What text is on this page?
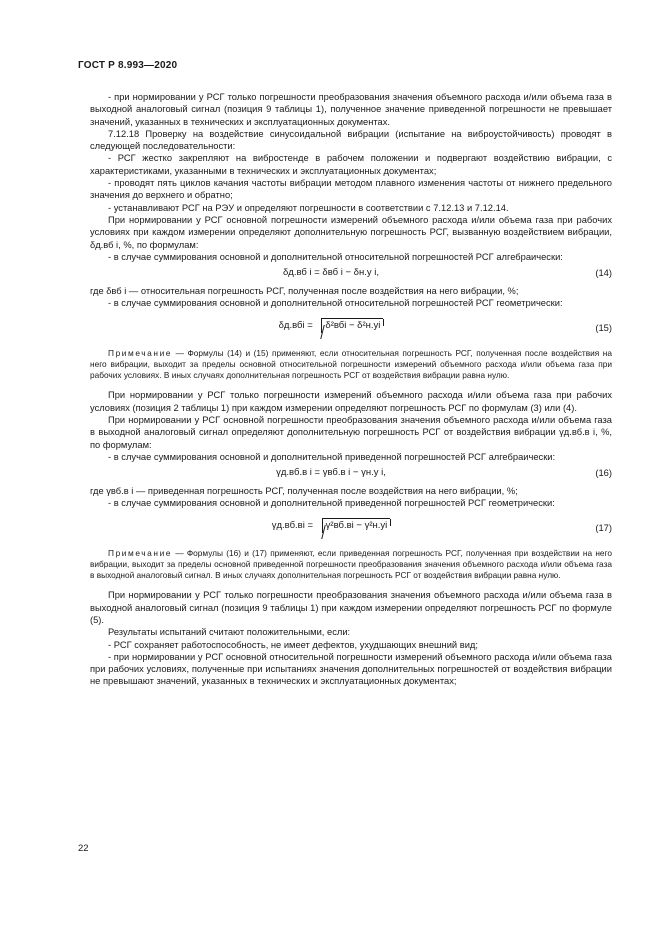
ГОСТ Р 8.993—2020

- при нормировании у РСГ только погрешности преобразования значения объемного расхода и/или объема газа в выходной аналоговый сигнал (позиция 9 таблицы 1), полученное значение приведенной погрешности не превышает значений, указанных в технических и эксплуатационных документах.

7.12.18 Проверку на воздействие синусоидальной вибрации (испытание на виброустойчивость) проводят в следующей последовательности:

- РСГ жестко закрепляют на вибростенде в рабочем положении и подвергают воздействию вибрации, с характеристиками, указанными в технических и эксплуатационных документах;

- проводят пять циклов качания частоты вибрации методом плавного изменения частоты от нижнего предельного значения до верхнего и обратно;

- устанавливают РСГ на РЭУ и определяют погрешности в соответствии с 7.12.13 и 7.12.14.

При нормировании у РСГ основной погрешности измерений объемного расхода и/или объема газа при рабочих условиях при каждом измерении определяют дополнительную погрешность РСГ, вызванную воздействием вибрации, δд.вб i, %, по формулам:

- в случае суммирования основной и дополнительной относительной погрешностей РСГ алгебраически:

δд.вб i = δвб i − δн.у i,	(14)

где δвб i — относительная погрешность РСГ, полученная после воздействия на него вибрации, %;

- в случае суммирования основной и дополнительной относительной погрешностей РСГ геометрически:

δд.вбi = δ²вбi − δ²н.уi	(15)

Примечание — Формулы (14) и (15) применяют, если относительная погрешность РСГ, полученная после воздействия на него вибрации, выходит за пределы основной относительной погрешности измерений объемного расхода и/или объема газа при рабочих условиях. В иных случаях дополнительная погрешность РСГ от воздействия вибрации равна нулю.

При нормировании у РСГ только погрешности измерений объемного расхода и/или объема газа при рабочих условиях (позиция 2 таблицы 1) при каждом измерении определяют погрешность РСГ по формулам (3) или (4).

При нормировании у РСГ основной погрешности преобразования значения объемного расхода и/или объема газа в выходной аналоговый сигнал определяют дополнительную погрешность РСГ от воздействия вибрации γд.вб.в i, %, по формулам:

- в случае суммирования основной и дополнительной приведенной погрешностей РСГ алгебраически:

γд.вб.в i = γвб.в i − γн.у i,	(16)

где γвб.в i — приведенная погрешность РСГ, полученная после воздействия на него вибрации, %;

- в случае суммирования основной и дополнительной приведенной погрешностей РСГ геометрически:

γд.вб.вi = γ²вб.вi − γ²н.уi	(17)

Примечание — Формулы (16) и (17) применяют, если приведенная погрешность РСГ, полученная при воздействии на него вибрации, выходит за пределы основной приведенной погрешности преобразования значения объемного расхода и/или объема газа в выходной аналоговый сигнал. В иных случаях дополнительная погрешность РСГ от воздействия вибрации равна нулю.

При нормировании у РСГ только погрешности преобразования значения объемного расхода и/или объема газа в выходной аналоговый сигнал (позиция 9 таблицы 1) при каждом измерении определяют погрешность РСГ по формуле (5).

Результаты испытаний считают положительными, если:

- РСГ сохраняет работоспособность, не имеет дефектов, ухудшающих внешний вид;

- при нормировании у РСГ основной относительной погрешности измерений объемного расхода и/или объема газа при рабочих условиях, полученные при испытаниях значения дополнительных погрешностей от воздействия вибрации не превышают значений, указанных в технических и эксплуатационных документах;

22
